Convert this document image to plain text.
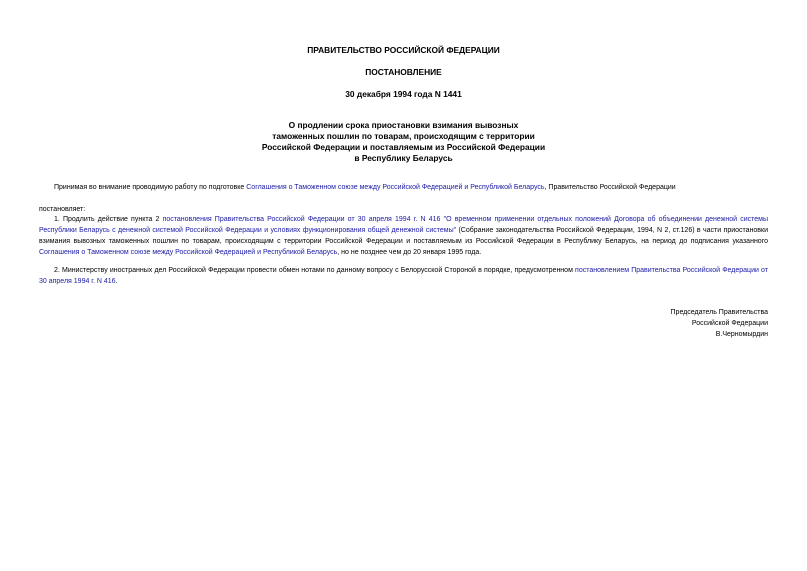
ПРАВИТЕЛЬСТВО РОССИЙСКОЙ ФЕДЕРАЦИИ
ПОСТАНОВЛЕНИЕ
30 декабря 1994 года N 1441
О продлении срока приостановки взимания вывозных
таможенных пошлин по товарам, происходящим с территории
Российской Федерации и поставляемым из Российской Федерации
в Республику Беларусь
Принимая во внимание проводимую работу по подготовке Соглашения о Таможенном союзе между Российской Федерацией и Республикой Беларусь, Правительство Российской Федерации
постановляет:
1. Продлить действие пункта 2 постановления Правительства Российской Федерации от 30 апреля 1994 г. N 416 "О временном применении отдельных положений Договора об объединении денежной системы Республики Беларусь с денежной системой Российской Федерации и условиях функционирования общей денежной системы" (Собрание законодательства Российской Федерации, 1994, N 2, ст.126) в части приостановки взимания вывозных таможенных пошлин по товарам, происходящим с территории Российской Федерации и поставляемым из Российской Федерации в Республику Беларусь, на период до подписания указанного Соглашения о Таможенном союзе между Российской Федерацией и Республикой Беларусь, но не позднее чем до 20 января 1995 года.
2. Министерству иностранных дел Российской Федерации провести обмен нотами по данному вопросу с Белорусской Стороной в порядке, предусмотренном постановлением Правительства Российской Федерации от 30 апреля 1994 г. N 416.
Председатель Правительства
Российской Федерации
В.Черномырдин
